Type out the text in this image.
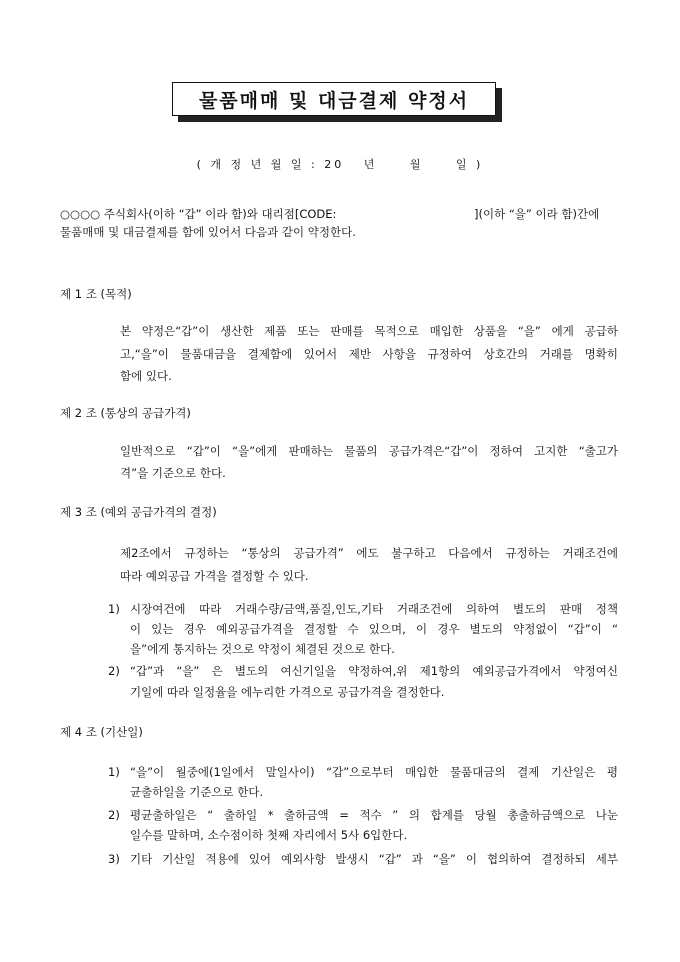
물품매매 및 대금결제 약정서
( 개 정 년 월 일 : 20   년     월     일 )
○○○○ 주식회사(이하 “갑” 이라 함)와 대리점[CODE:	](이하 “을” 이라 함)간에
물품매매 및 대금결제를 함에 있어서 다음과 같이 약정한다.
제 1 조 (목적)
본 약정은“갑”이 생산한 제품 또는 판매를 목적으로 매입한 상품을 “을” 에게 공급하
고,“을”이 물품대금을 결제함에 있어서 제반 사항을 규정하여 상호간의 거래를 명확히
함에 있다.
제 2 조 (통상의 공급가격)
일반적으로 “갑”이 “을”에게 판매하는 물품의 공급가격은“갑”이 정하여 고지한 “출고가
격”을 기준으로 한다.
제 3 조 (예외 공급가격의 결정)
제2조에서 규정하는 “통상의 공급가격” 에도 불구하고 다음에서 규정하는 거래조건에
따라 예외공급 가격을 결정할 수 있다.
1) 시장여건에 따라 거래수량/금액,품질,인도,기타 거래조건에 의하여 별도의 판매 정책
이 있는 경우 예외공급가격을 결정할 수 있으며, 이 경우 별도의 약정없이 “갑”이 “
을”에게 통지하는 것으로 약정이 체결된 것으로 한다.
2) “갑”과 “을” 은 별도의 여신기일을 약정하여,위 제1항의 예외공급가격에서 약정여신
기일에 따라 일정율을 에누리한 가격으로 공급가격을 결정한다.
제 4 조 (기산일)
1) “을”이 월중에(1일에서 말일사이) “갑”으로부터 매입한 물품대금의 결제 기산일은 평
균출하일을 기준으로 한다.
2) 평균출하일은 “ 출하일 * 출하금액 = 적수 ” 의 합계를 당월 총출하금액으로 나눈
일수를 말하며, 소수점이하 첫째 자리에서 5사 6입한다.
3) 기타 기산일 적용에 있어 예외사항 발생시 “갑” 과 “을” 이 협의하여 결정하되 세부
